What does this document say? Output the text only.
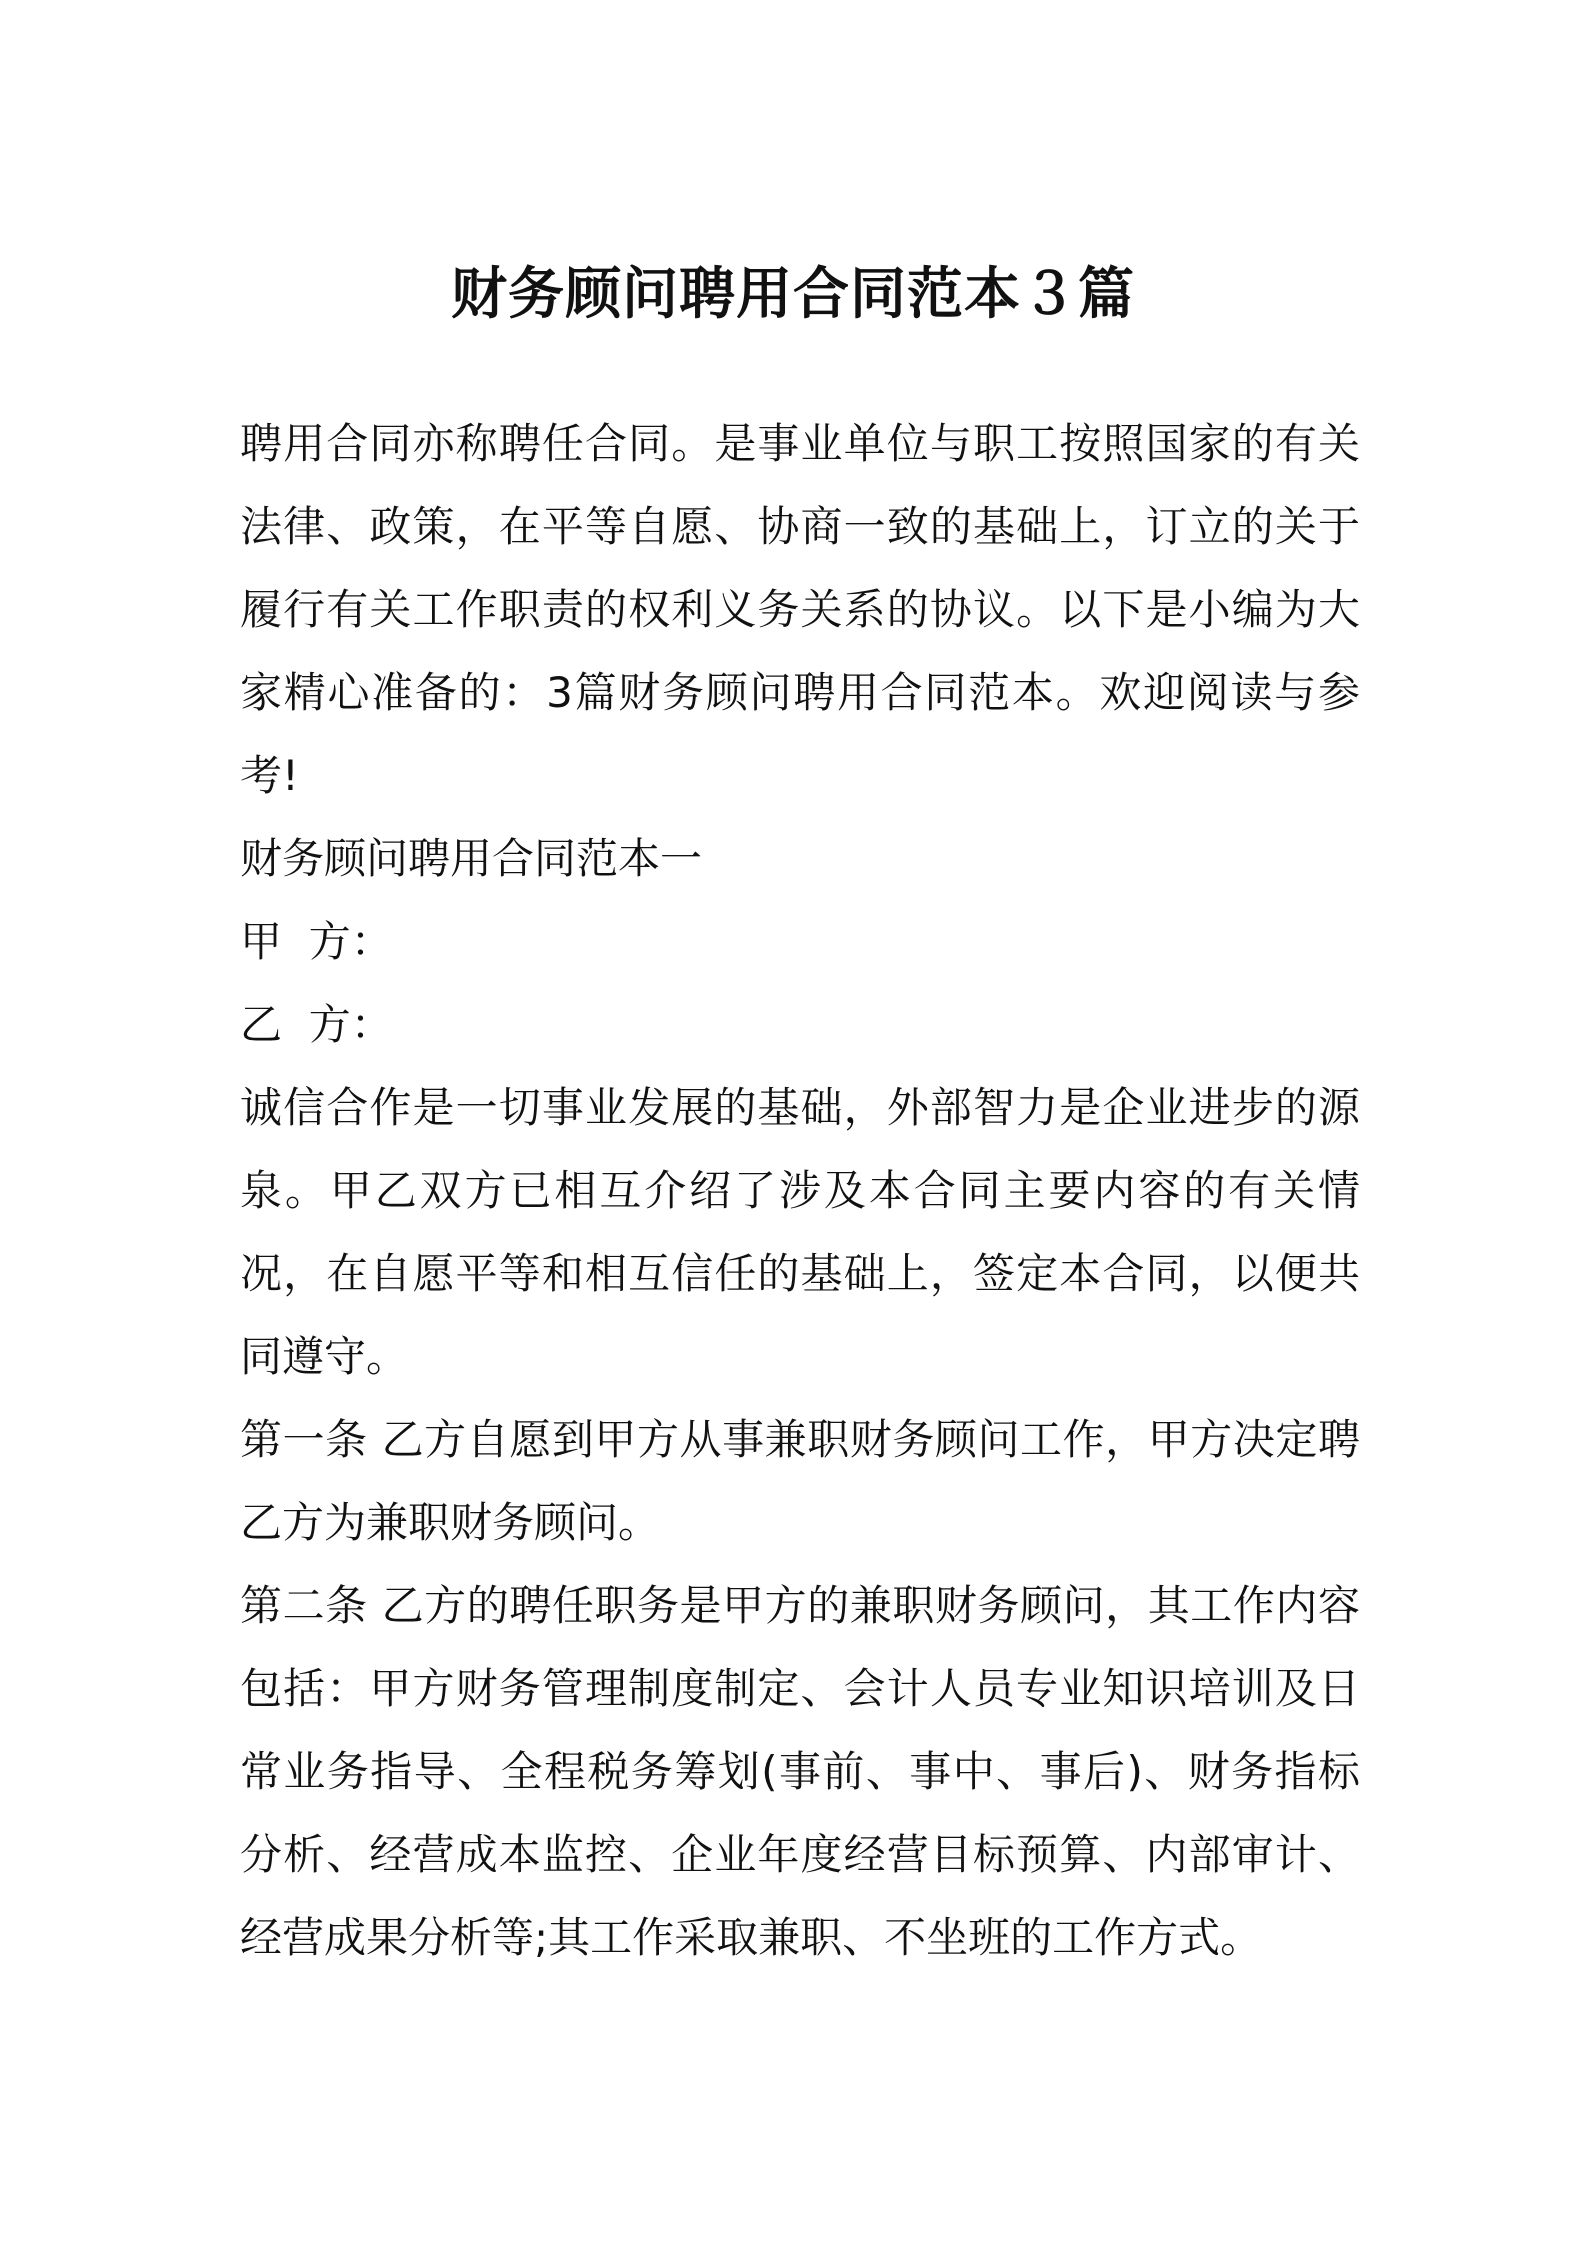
财务顾问聘用合同范本３篇

聘用合同亦称聘任合同。是事业单位与职工按照国家的有关法律、政策，在平等自愿、协商一致的基础上，订立的关于履行有关工作职责的权利义务关系的协议。以下是小编为大家精心准备的：3篇财务顾问聘用合同范本。欢迎阅读与参考!

财务顾问聘用合同范本一

甲  方：

乙  方：

诚信合作是一切事业发展的基础，外部智力是企业进步的源泉。甲乙双方已相互介绍了涉及本合同主要内容的有关情况，在自愿平等和相互信任的基础上，签定本合同，以便共同遵守。

第一条 乙方自愿到甲方从事兼职财务顾问工作，甲方决定聘乙方为兼职财务顾问。

第二条 乙方的聘任职务是甲方的兼职财务顾问，其工作内容包括：甲方财务管理制度制定、会计人员专业知识培训及日常业务指导、全程税务筹划(事前、事中、事后)、财务指标分析、经营成本监控、企业年度经营目标预算、内部审计、经营成果分析等;其工作采取兼职、不坐班的工作方式。
